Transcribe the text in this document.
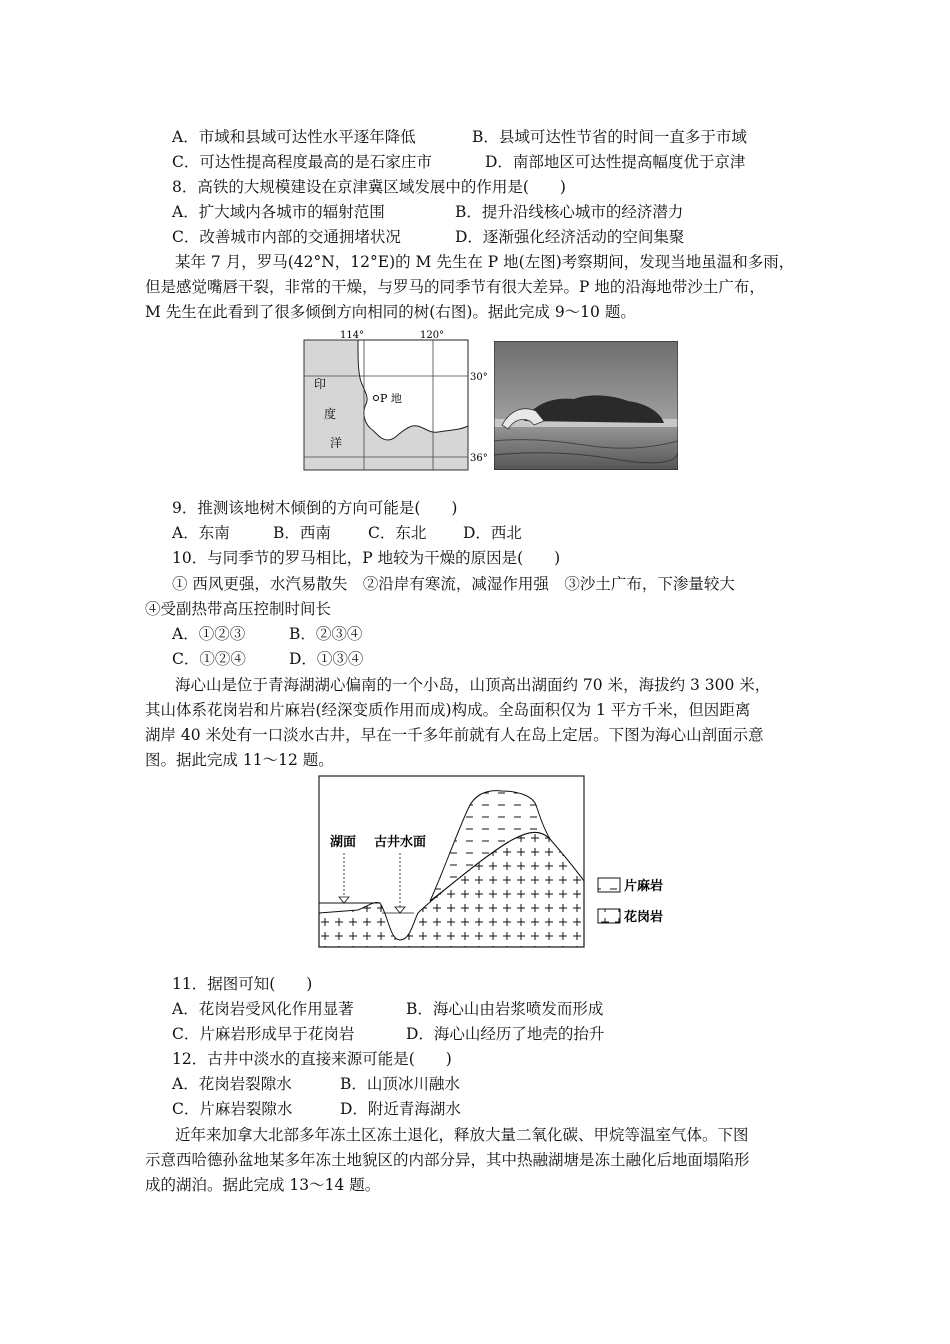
A．市域和县域可达性水平逐年降低	B．县域可达性节省的时间一直多于市域
C．可达性提高程度最高的是石家庄市	D．南部地区可达性提高幅度优于京津
8．高铁的大规模建设在京津冀区域发展中的作用是(　　)
A．扩大域内各城市的辐射范围	B．提升沿线核心城市的经济潜力
C．改善城市内部的交通拥堵状况	D．逐渐强化经济活动的空间集聚
某年 7 月，罗马(42°N，12°E)的 M 先生在 P 地(左图)考察期间，发现当地虽温和多雨，
但是感觉嘴唇干裂，非常的干燥，与罗马的同季节有很大差异。P 地的沿海地带沙土广布，
M 先生在此看到了很多倾倒方向相同的树(右图)。据此完成 9～10 题。
114°	120°
30°
36°
印
度
洋
P 地
9．推测该地树木倾倒的方向可能是(　　)
A．东南	B．西南 C．东北 D．西北
10．与同季节的罗马相比，P 地较为干燥的原因是(　　)
① 西风更强，水汽易散失　②沿岸有寒流，减湿作用强　③沙土广布，下渗量较大
④受副热带高压控制时间长
A．①②③	B．②③④
C．①②④	D．①③④
海心山是位于青海湖湖心偏南的一个小岛，山顶高出湖面约 70 米，海拔约 3 300 米，
其山体系花岗岩和片麻岩(经深变质作用而成)构成。全岛面积仅为 1 平方千米，但因距离
湖岸 40 米处有一口淡水古井，早在一千多年前就有人在岛上定居。下图为海心山剖面示意
图。据此完成 11～12 题。
湖面 古井水面
片麻岩
花岗岩
11．据图可知(　　)
A．花岗岩受风化作用显著	B．海心山由岩浆喷发而形成
C．片麻岩形成早于花岗岩	D．海心山经历了地壳的抬升
12．古井中淡水的直接来源可能是(　　)
A．花岗岩裂隙水	B．山顶冰川融水
C．片麻岩裂隙水	D．附近青海湖水
近年来加拿大北部多年冻土区冻土退化，释放大量二氧化碳、甲烷等温室气体。下图
示意西哈德孙盆地某多年冻土地貌区的内部分异，其中热融湖塘是冻土融化后地面塌陷形
成的湖泊。据此完成 13～14 题。
